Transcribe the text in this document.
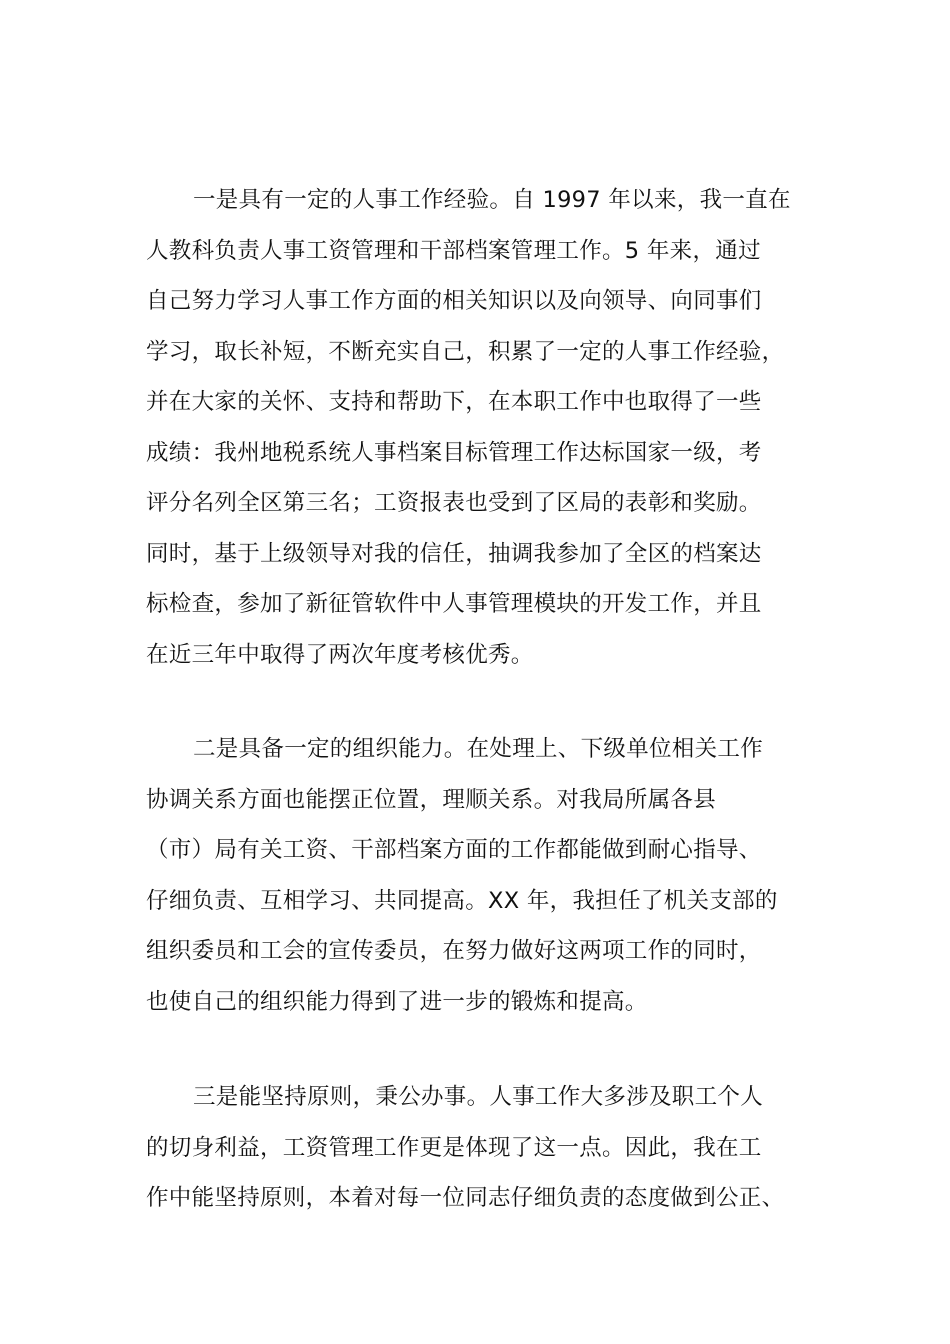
一是具有一定的人事工作经验。自 1997 年以来，我一直在
人教科负责人事工资管理和干部档案管理工作。5 年来，通过
自己努力学习人事工作方面的相关知识以及向领导、向同事们
学习，取长补短，不断充实自己，积累了一定的人事工作经验，
并在大家的关怀、支持和帮助下，在本职工作中也取得了一些
成绩：我州地税系统人事档案目标管理工作达标国家一级，考
评分名列全区第三名；工资报表也受到了区局的表彰和奖励。
同时，基于上级领导对我的信任，抽调我参加了全区的档案达
标检查，参加了新征管软件中人事管理模块的开发工作，并且
在近三年中取得了两次年度考核优秀。
二是具备一定的组织能力。在处理上、下级单位相关工作
协调关系方面也能摆正位置，理顺关系。对我局所属各县
（市）局有关工资、干部档案方面的工作都能做到耐心指导、
仔细负责、互相学习、共同提高。XX 年，我担任了机关支部的
组织委员和工会的宣传委员，在努力做好这两项工作的同时，
也使自己的组织能力得到了进一步的锻炼和提高。
三是能坚持原则，秉公办事。人事工作大多涉及职工个人
的切身利益，工资管理工作更是体现了这一点。因此，我在工
作中能坚持原则，本着对每一位同志仔细负责的态度做到公正、
